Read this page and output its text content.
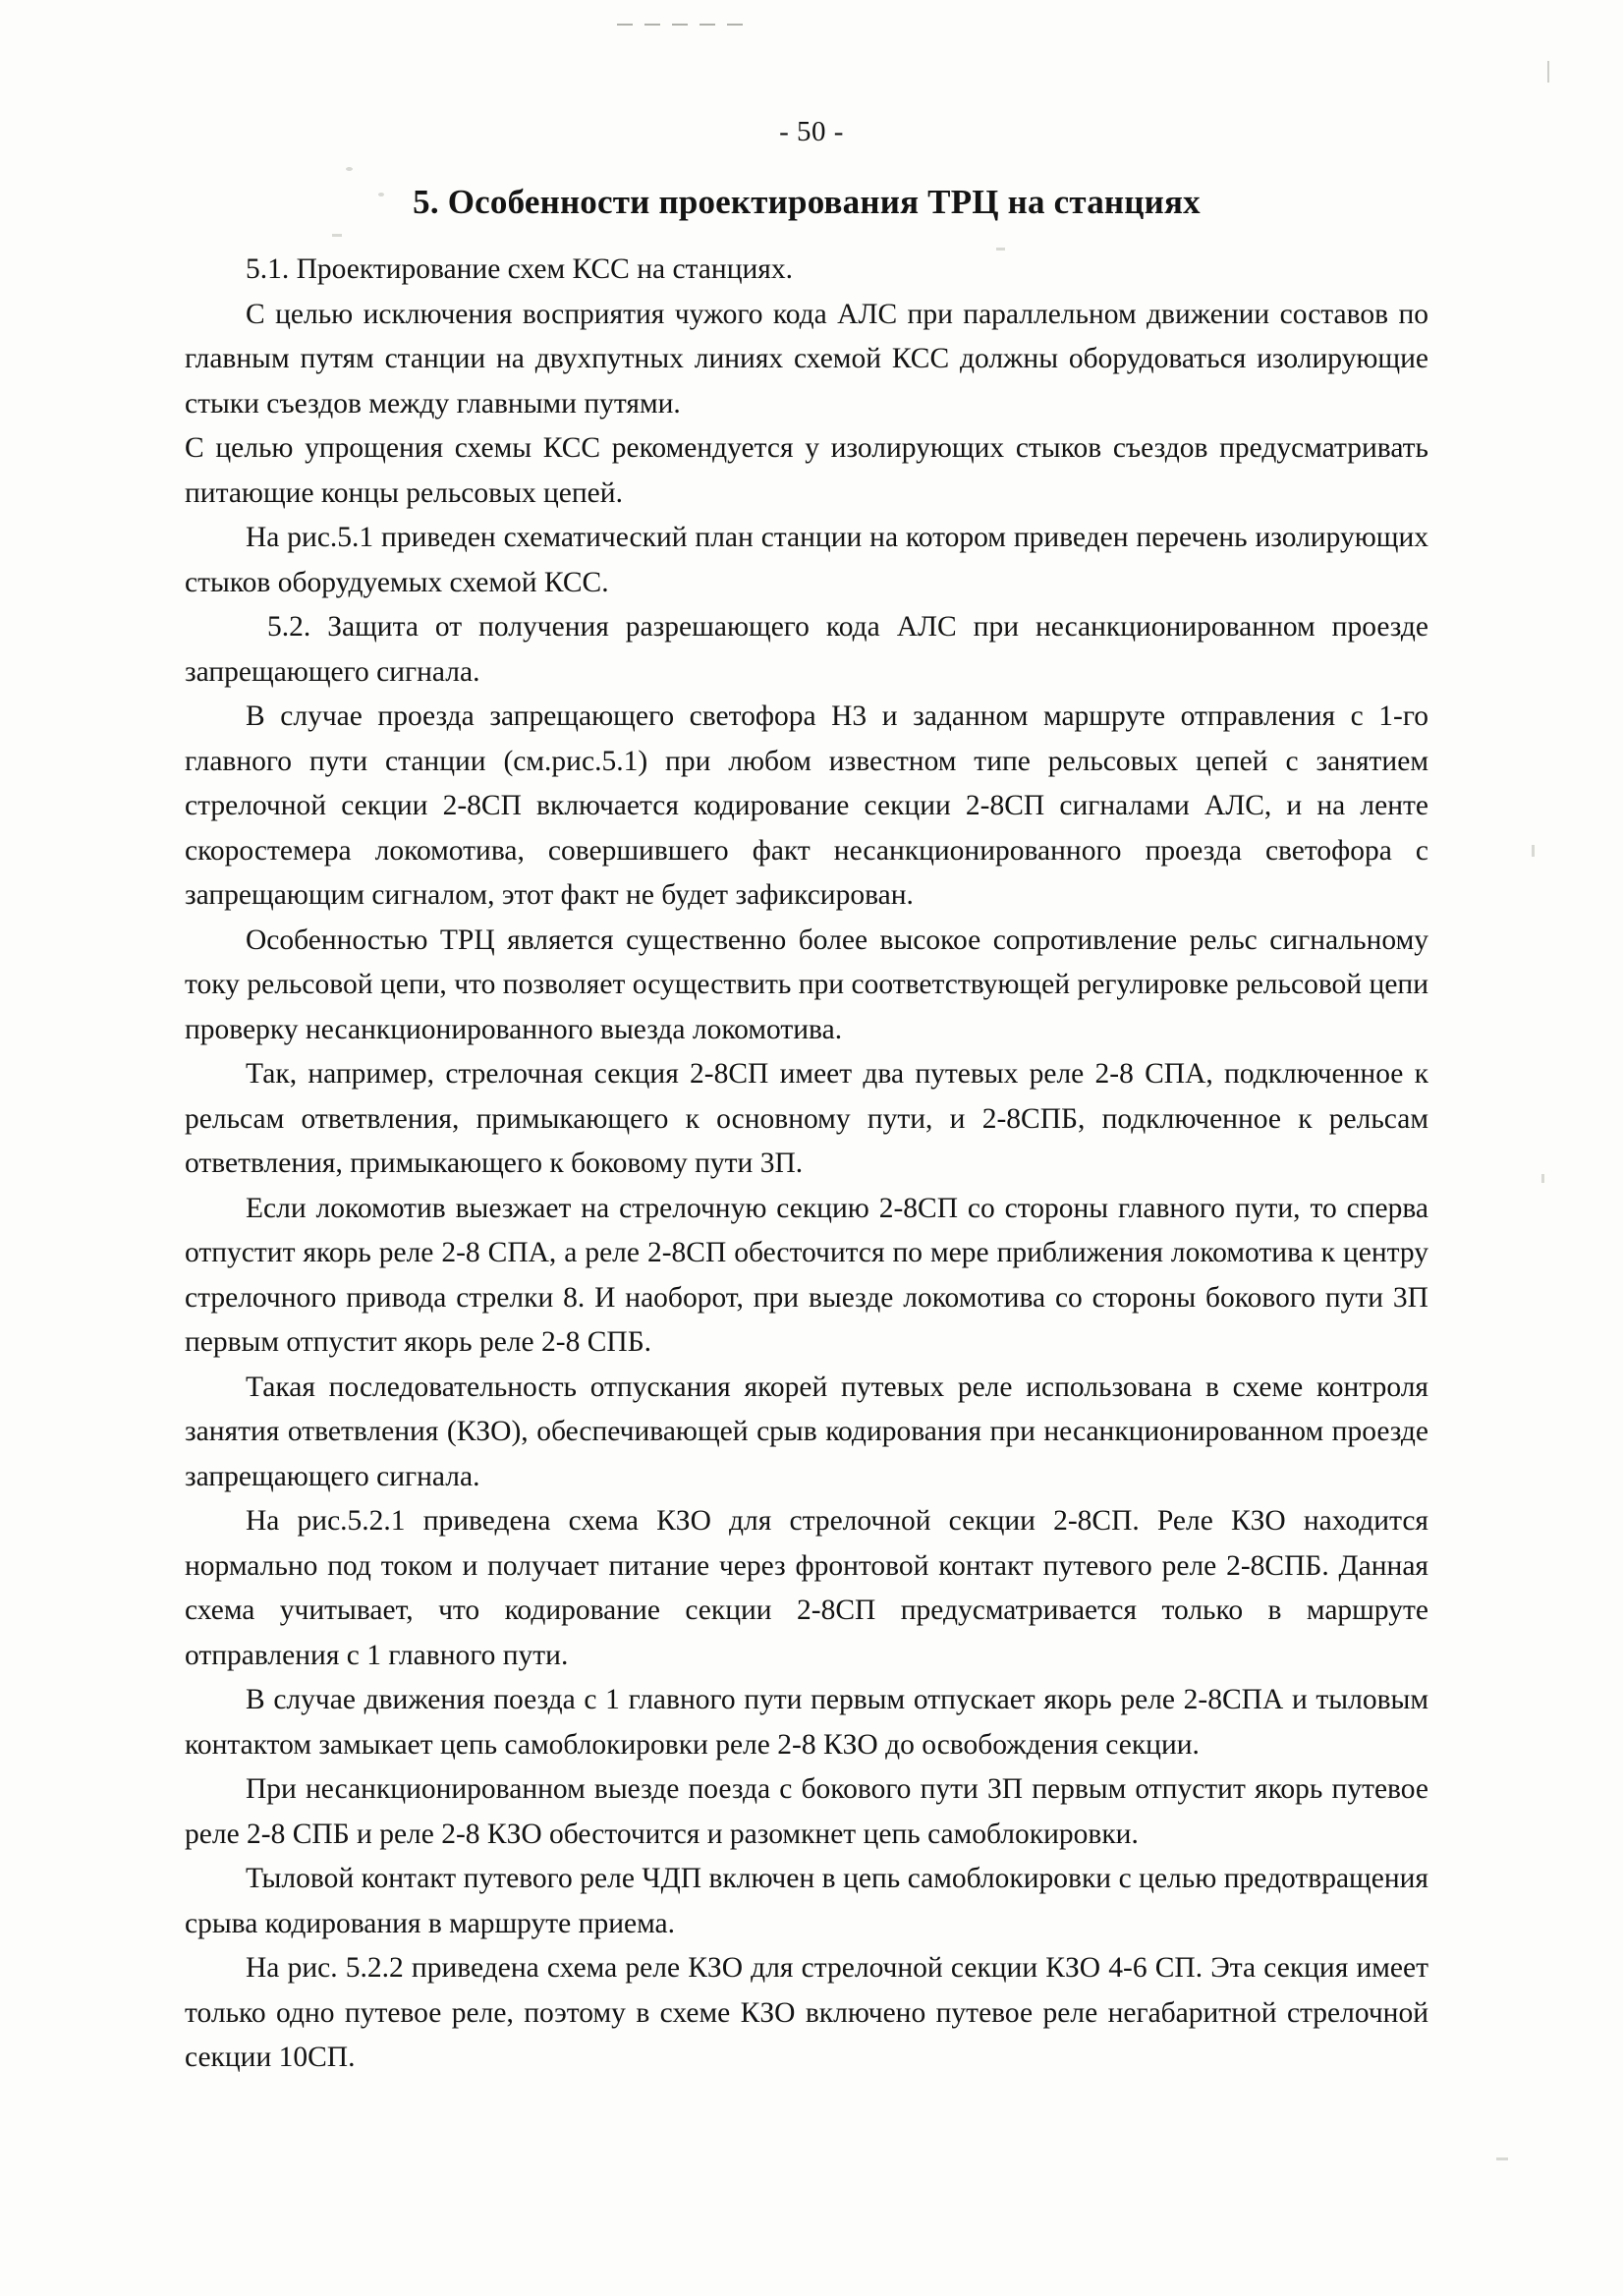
- 50 -
5. Особенности проектирования ТРЦ на станциях

5.1. Проектирование схем КСС на станциях.

С целью исключения восприятия чужого кода АЛС при параллельном движении составов по главным путям станции на двухпутных линиях схемой КСС должны оборудоваться изолирующие стыки съездов между главными путями.

С целью упрощения схемы КСС рекомендуется у изолирующих стыков съездов предусматривать питающие концы рельсовых цепей.

На рис.5.1 приведен схематический план станции на котором приведен перечень изолирующих стыков оборудуемых схемой КСС.

5.2. Защита от получения разрешающего кода АЛС при несанкционированном проезде запрещающего сигнала.

В случае проезда запрещающего светофора Н3 и заданном маршруте отправления с 1-го главного пути станции (см.рис.5.1) при любом известном типе рельсовых цепей с занятием стрелочной секции 2-8СП включается кодирование секции 2-8СП сигналами АЛС, и на ленте скоростемера локомотива, совершившего факт несанкционированного проезда светофора с запрещающим сигналом, этот факт не будет зафиксирован.

Особенностью ТРЦ является существенно более высокое сопротивление рельс сигнальному току рельсовой цепи, что позволяет осуществить при соответствующей регулировке рельсовой цепи проверку несанкционированного выезда локомотива.

Так, например, стрелочная секция 2-8СП имеет два путевых реле 2-8 СПА, подключенное к рельсам ответвления, примыкающего к основному пути, и 2-8СПБ, подключенное к рельсам ответвления, примыкающего к боковому пути 3П.

Если локомотив выезжает на стрелочную секцию 2-8СП со стороны главного пути, то сперва отпустит якорь реле 2-8 СПА, а реле 2-8СП обесточится по мере приближения локомотива к центру стрелочного привода стрелки 8. И наоборот, при выезде локомотива со стороны бокового пути 3П первым отпустит якорь реле 2-8 СПБ.

Такая последовательность отпускания якорей путевых реле использована в схеме контроля занятия ответвления (КЗО), обеспечивающей срыв кодирования при несанкционированном проезде запрещающего сигнала.

На рис.5.2.1 приведена схема КЗО для стрелочной секции 2-8СП. Реле КЗО находится нормально под током и получает питание через фронтовой контакт путевого реле 2-8СПБ. Данная схема учитывает, что кодирование секции 2-8СП предусматривается только в маршруте отправления с 1 главного пути.

В случае движения поезда с 1 главного пути первым отпускает якорь реле 2-8СПА и тыловым контактом замыкает цепь самоблокировки реле 2-8 КЗО до освобождения секции.

При несанкционированном выезде поезда с бокового пути 3П первым отпустит якорь путевое реле 2-8 СПБ и реле 2-8 КЗО обесточится и разомкнет цепь самоблокировки.

Тыловой контакт путевого реле ЧДП включен в цепь самоблокировки с целью предотвращения срыва кодирования в маршруте приема.

На рис. 5.2.2 приведена схема реле КЗО для стрелочной секции КЗО 4-6 СП. Эта секция имеет только одно путевое реле, поэтому в схеме КЗО включено путевое реле негабаритной стрелочной секции 10СП.
